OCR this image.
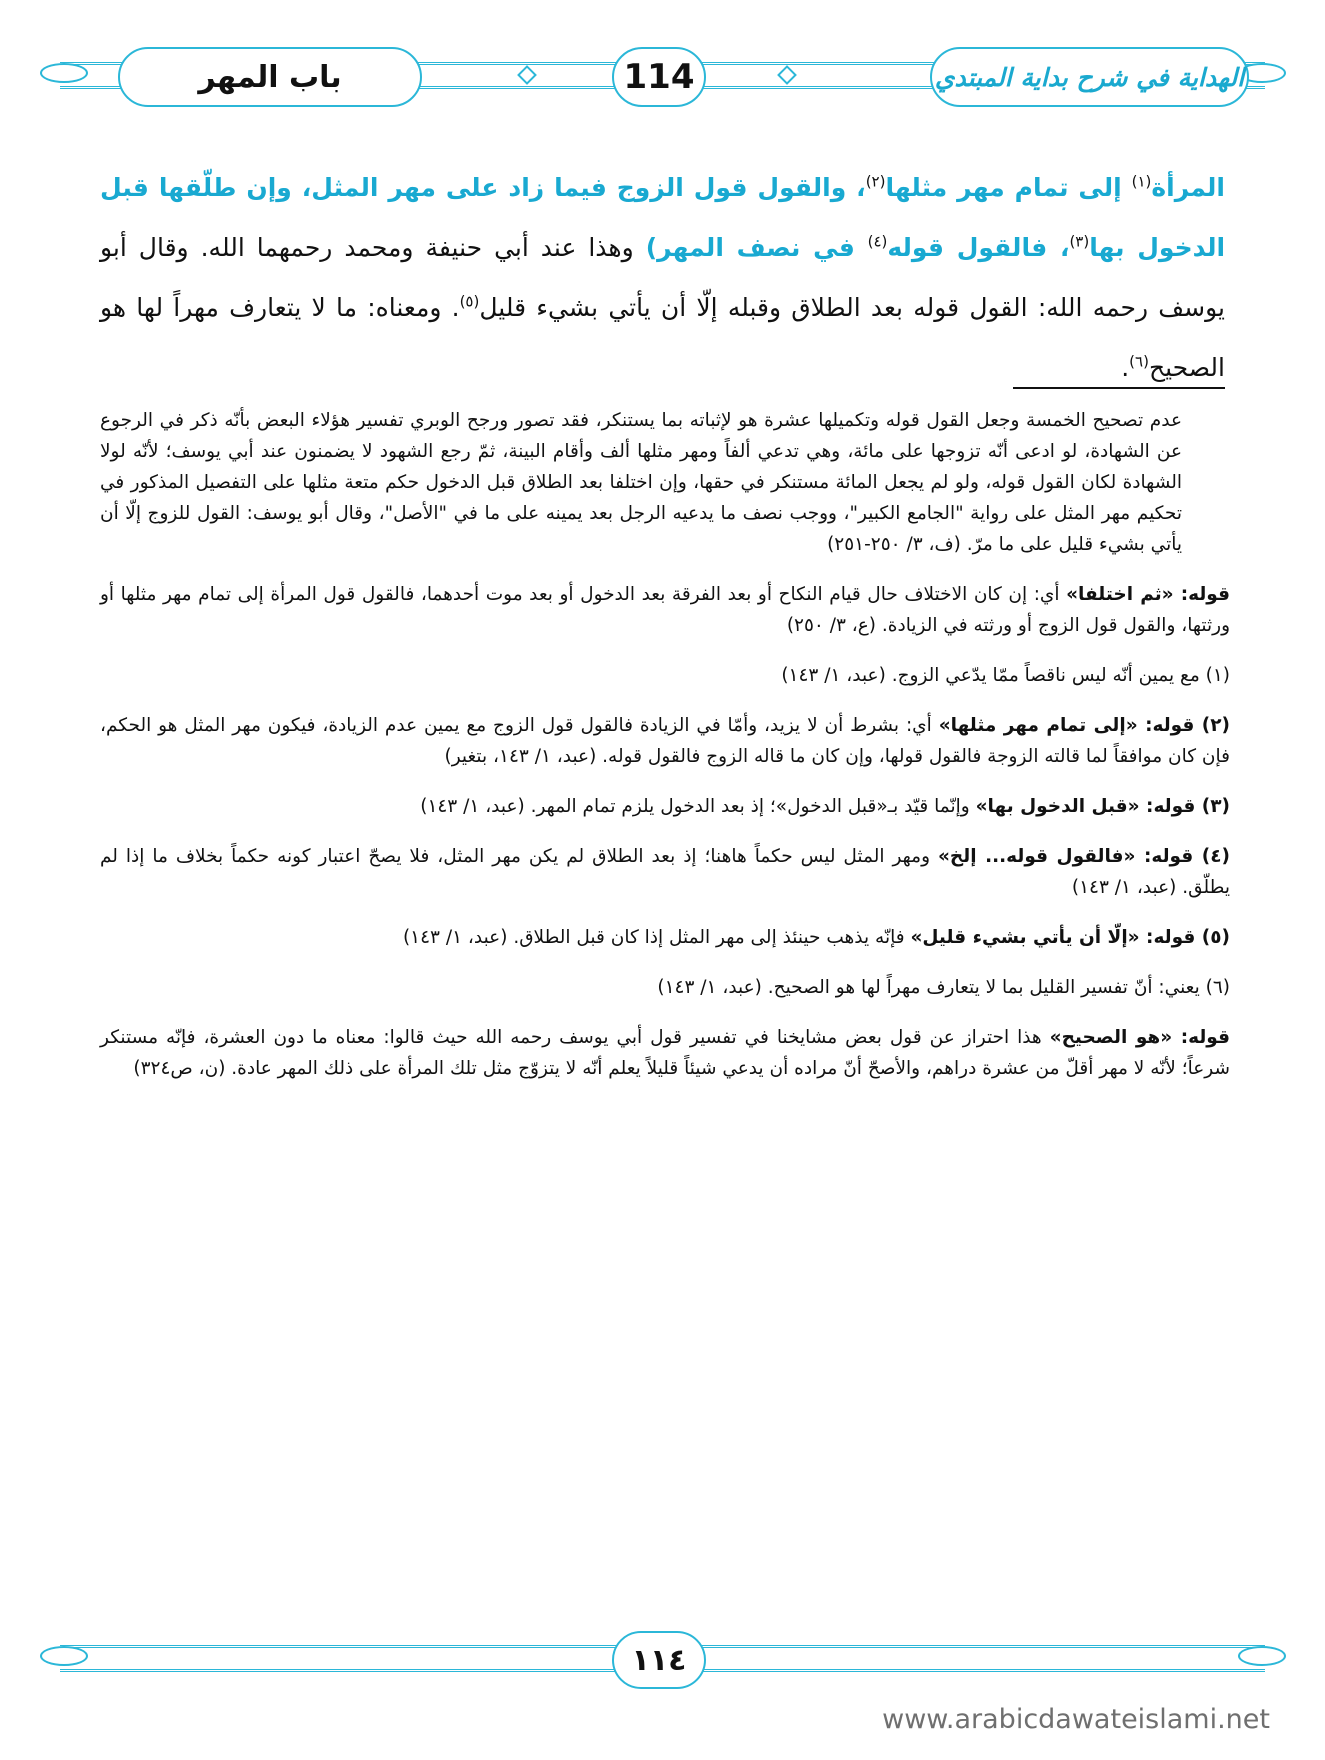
باب المهر	114	الهداية في شرح بداية المبتدي

المرأة$^{(١)}$ إلى تمام مهر مثلها$^{(٢)}$، والقول قول الزوج فيما زاد على مهر المثل، وإن طلّقها قبل الدخول بها$^{(٣)}$، فالقول قوله$^{(٤)}$ في نصف المهر) وهذا عند أبي حنيفة ومحمد رحمهما الله. وقال أبو يوسف رحمه الله: القول قوله بعد الطلاق وقبله إلّا أن يأتي بشيء قليل$^{(٥)}$. ومعناه: ما لا يتعارف مهراً لها هو الصحيح$^{(٦)}$.

عدم تصحيح الخمسة وجعل القول قوله وتكميلها عشرة هو لإثباته بما يستنكر، فقد تصور ورجح الوبري تفسير هؤلاء البعض بأنّه ذكر في الرجوع عن الشهادة، لو ادعى أنّه تزوجها على مائة، وهي تدعي ألفاً ومهر مثلها ألف وأقام البينة، ثمّ رجع الشهود لا يضمنون عند أبي يوسف؛ لأنّه لولا الشهادة لكان القول قوله، ولو لم يجعل المائة مستنكر في حقها، وإن اختلفا بعد الطلاق قبل الدخول حكم متعة مثلها على التفصيل المذكور في تحكيم مهر المثل على رواية "الجامع الكبير"، ووجب نصف ما يدعيه الرجل بعد يمينه على ما في "الأصل"، وقال أبو يوسف: القول للزوج إلّا أن يأتي بشيء قليل على ما مرّ. (ف، ٣/ ٢٥٠-٢٥١)

قوله: «ثم اختلفا» أي: إن كان الاختلاف حال قيام النكاح أو بعد الفرقة بعد الدخول أو بعد موت أحدهما، فالقول قول المرأة إلى تمام مهر مثلها أو ورثتها، والقول قول الزوج أو ورثته في الزيادة. (ع، ٣/ ٢٥٠)

(١) مع يمين أنّه ليس ناقصاً ممّا يدّعي الزوج. (عبد، ١/ ١٤٣)

(٢) قوله: «إلى تمام مهر مثلها» أي: بشرط أن لا يزيد، وأمّا في الزيادة فالقول قول الزوج مع يمين عدم الزيادة، فيكون مهر المثل هو الحكم، فإن كان موافقاً لما قالته الزوجة فالقول قولها، وإن كان ما قاله الزوج فالقول قوله. (عبد، ١/ ١٤٣، بتغير)

(٣) قوله: «قبل الدخول بها» وإنّما قيّد بـ«قبل الدخول»؛ إذ بعد الدخول يلزم تمام المهر. (عبد، ١/ ١٤٣)

(٤) قوله: «فالقول قوله... إلخ» ومهر المثل ليس حكماً هاهنا؛ إذ بعد الطلاق لم يكن مهر المثل، فلا يصحّ اعتبار كونه حكماً بخلاف ما إذا لم يطلّق. (عبد، ١/ ١٤٣)

(٥) قوله: «إلّا أن يأتي بشيء قليل» فإنّه يذهب حينئذ إلى مهر المثل إذا كان قبل الطلاق. (عبد، ١/ ١٤٣)

(٦) يعني: أنّ تفسير القليل بما لا يتعارف مهراً لها هو الصحيح. (عبد، ١/ ١٤٣)

قوله: «هو الصحيح» هذا احتراز عن قول بعض مشايخنا في تفسير قول أبي يوسف رحمه الله حيث قالوا: معناه ما دون العشرة، فإنّه مستنكر شرعاً؛ لأنّه لا مهر أقلّ من عشرة دراهم، والأصحّ أنّ مراده أن يدعي شيئاً قليلاً يعلم أنّه لا يتزوّج مثل تلك المرأة على ذلك المهر عادة. (ن، ص٣٢٤)

١١٤
www.arabicdawateislami.net
